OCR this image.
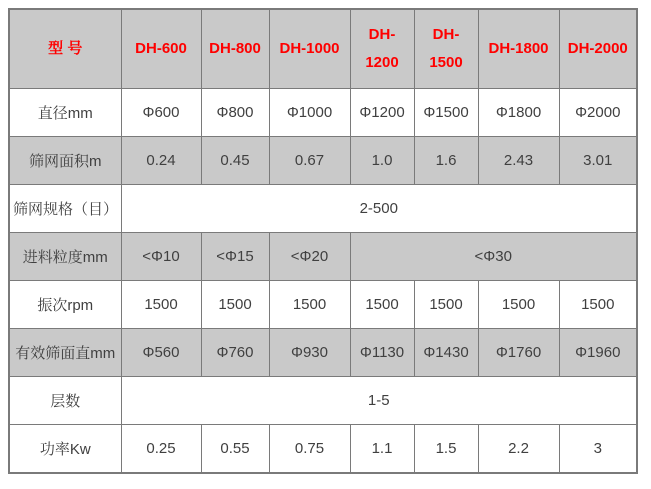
型 号	DH-600	DH-800	DH-1000	DH-1200	DH-1500	DH-1800	DH-2000
直径mm	Φ600	Φ800	Φ1000	Φ1200	Φ1500	Φ1800	Φ2000
筛网面积m	0.24	0.45	0.67	1.0	1.6	2.43	3.01
筛网规格（目）	2-500						
进料粒度mm	<Φ10	<Φ15	<Φ20	<Φ30			
振次rpm	1500	1500	1500	1500	1500	1500	1500
有效筛面直mm	Φ560	Φ760	Φ930	Φ1130	Φ1430	Φ1760	Φ1960
层数	1-5						
功率Kw	0.25	0.55	0.75	1.1	1.5	2.2	3
